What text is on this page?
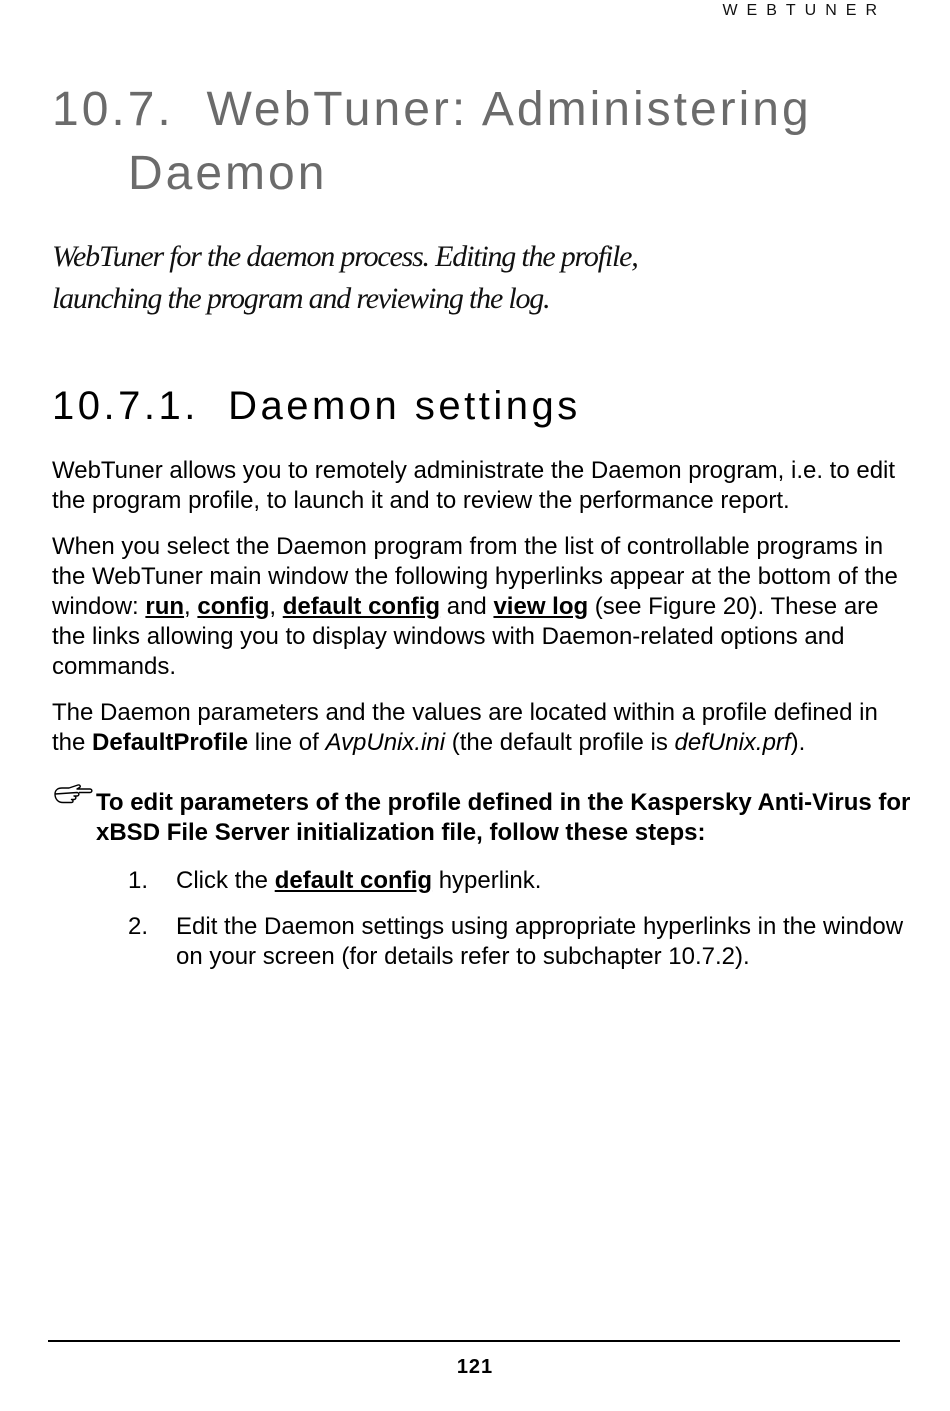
WEBTUNER
10.7. WebTuner: Administering
Daemon

WebTuner for the daemon process. Editing the profile, launching the program and reviewing the log.

10.7.1. Daemon settings

WebTuner allows you to remotely administrate the Daemon program, i.e. to edit the program profile, to launch it and to review the performance report.

When you select the Daemon program from the list of controllable programs in the WebTuner main window the following hyperlinks appear at the bottom of the window: run, config, default config and view log (see Figure 20). These are the links allowing you to display windows with Daemon-related options and commands.

The Daemon parameters and the values are located within a profile defined in the DefaultProfile line of AvpUnix.ini (the default profile is defUnix.prf).

To edit parameters of the profile defined in the Kaspersky Anti-Virus for xBSD File Server initialization file, follow these steps:
1.	Click the default config hyperlink.
2.	Edit the Daemon settings using appropriate hyperlinks in the window on your screen (for details refer to subchapter 10.7.2).
121
